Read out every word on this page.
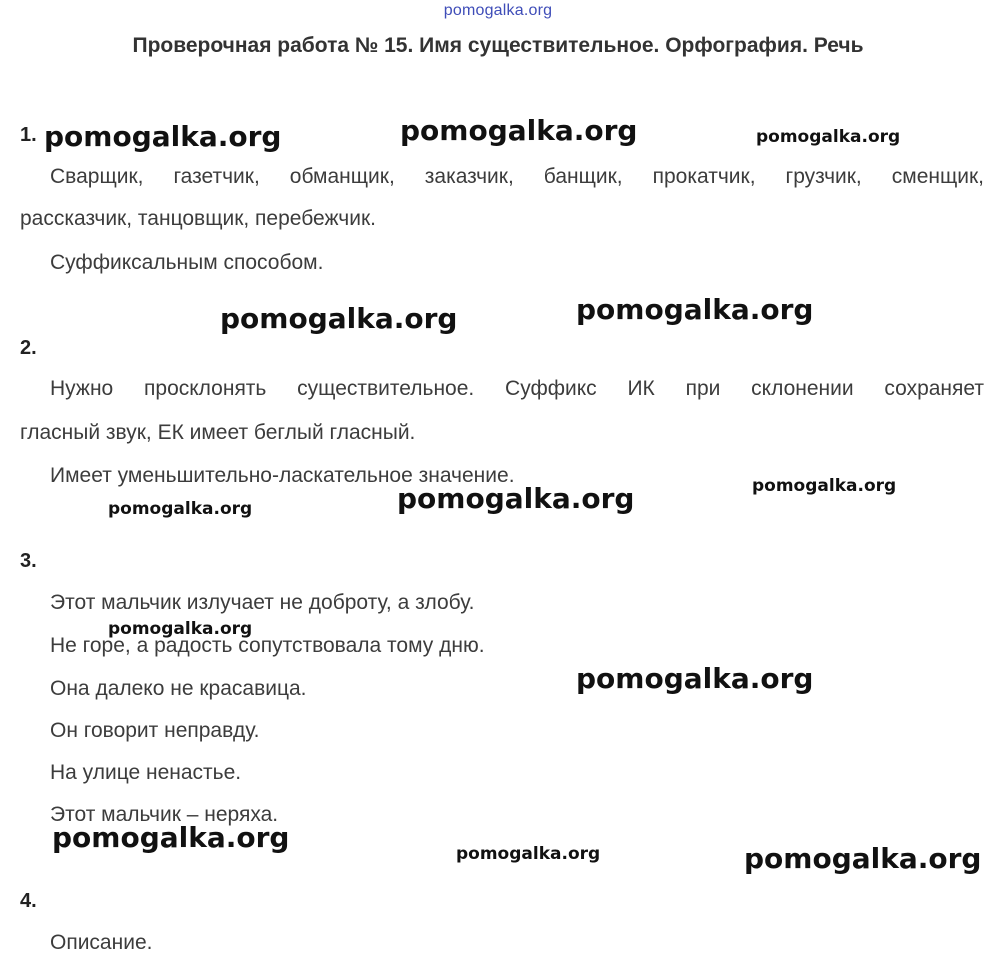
pomogalka.org
Проверочная работа № 15. Имя существительное. Орфография. Речь
1.
Сварщик, газетчик, обманщик, заказчик, банщик, прокатчик, грузчик, сменщик,
рассказчик, танцовщик, перебежчик.
Суффиксальным способом.
2.
Нужно просклонять существительное. Суффикс ИК при склонении сохраняет
гласный звук, ЕК имеет беглый гласный.
Имеет уменьшительно-ласкательное значение.
3.
Этот мальчик излучает не доброту, а злобу.
Не горе, а радость сопутствовала тому дню.
Она далеко не красавица.
Он говорит неправду.
На улице ненастье.
Этот мальчик – неряха.
4.
Описание.
pomogalka.org	pomogalka.org	pomogalka.org
pomogalka.org	pomogalka.org
pomogalka.org	pomogalka.org	pomogalka.org
pomogalka.org
pomogalka.org
pomogalka.org	pomogalka.org	pomogalka.org
